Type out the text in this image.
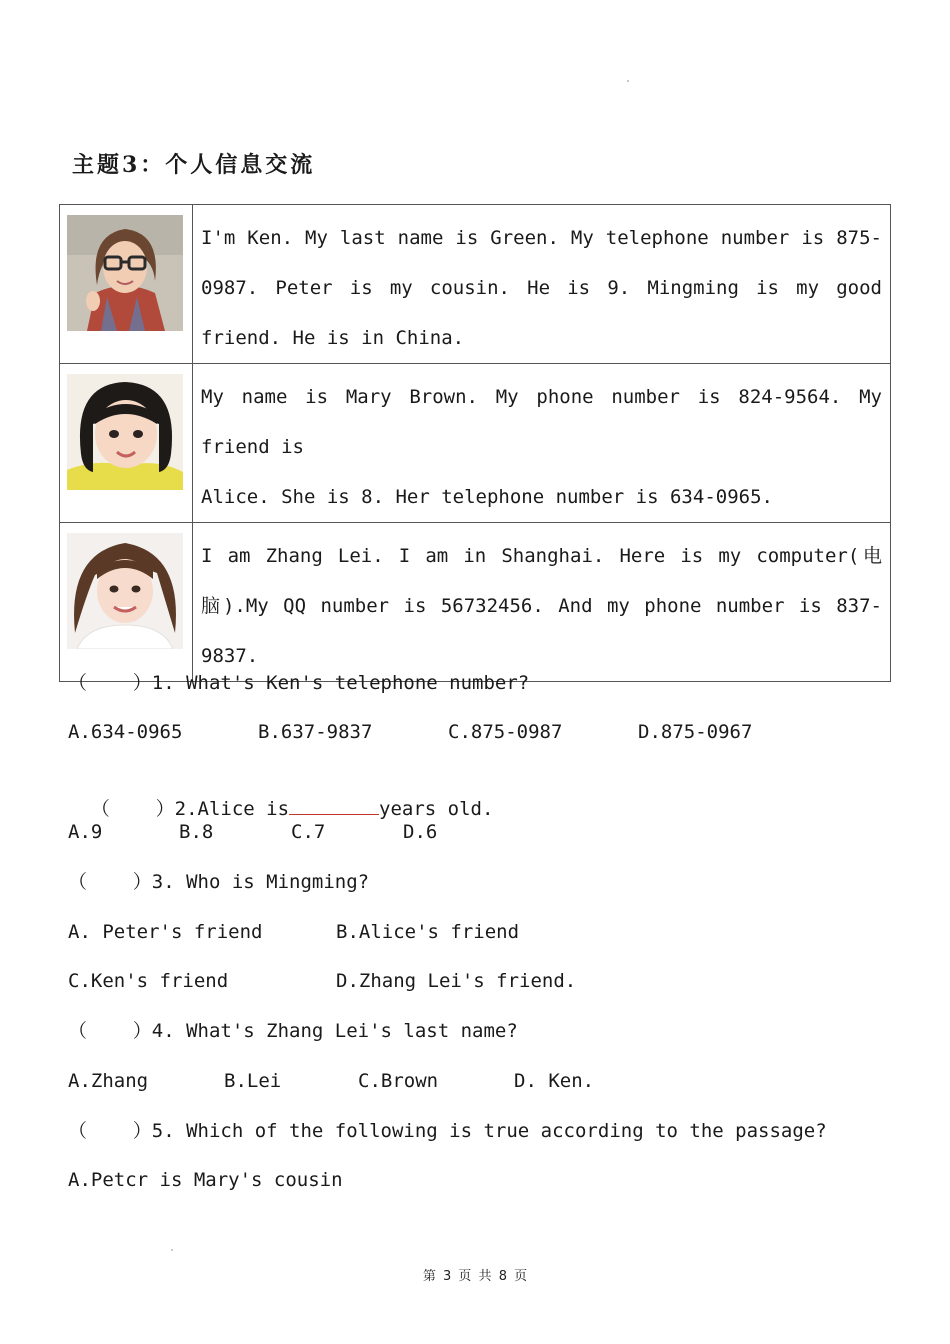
主题3：个人信息交流
	I'm Ken. My last name is Green. My telephone number is 875-0987. Peter is my cousin. He is 9. Mingming is my good friend. He is in China.

My name is Mary Brown. My phone number is 824-9564. My friend is
Alice. She is 8. Her telephone number is 634-0965.

	I am Zhang Lei. I am in Shanghai. Here is my computer(电脑).My QQ number is 56732456. And my phone number is 837-9837.
（    ）1. What's Ken's telephone number?
A.634-0965	B.637-9837	C.875-0987	D.875-0967

（    ）2.Alice is	years old.

A.9	B.8	C.7	D.6
（    ）3. Who is Mingming?
A. Peter's friend	B.Alice's friend
C.Ken's friend	D.Zhang Lei's friend.
（    ）4. What's Zhang Lei's last name?
A.Zhang	B.Lei	C.Brown	D. Ken.
（    ）5. Which of the following is true according to the passage?
A.Petcr is Mary's cousin
第 3 页 共 8 页
